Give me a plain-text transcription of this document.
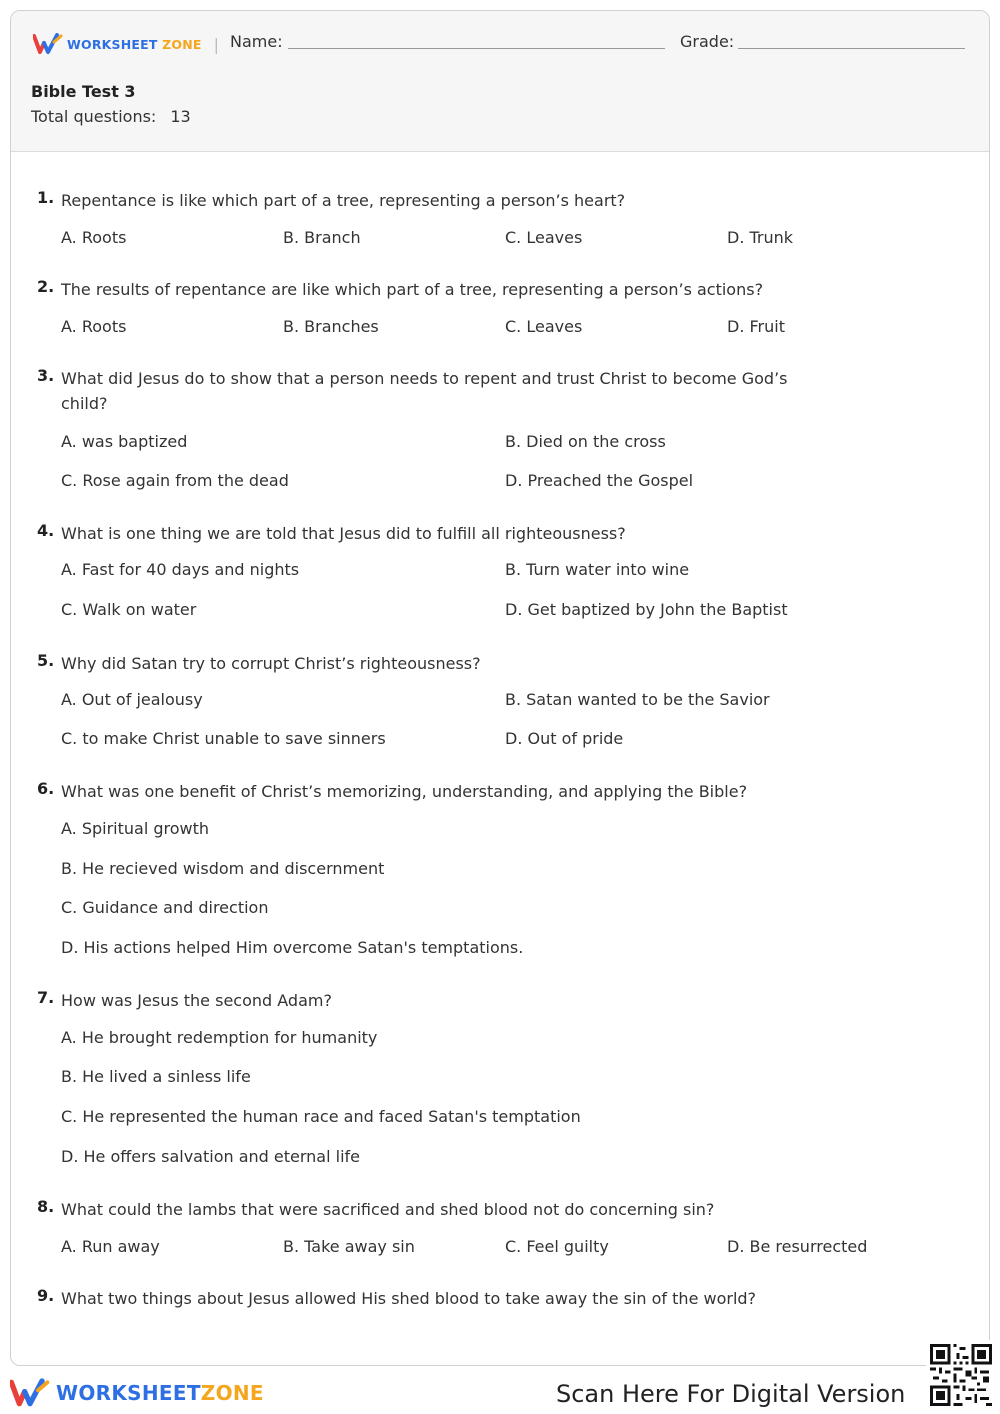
WORKSHEET ZONE | Name:	Grade:
Bible Test 3
Total questions: 13
1. Repentance is like which part of a tree, representing a person’s heart?
A. Roots	B. Branch	C. Leaves	D. Trunk
2. The results of repentance are like which part of a tree, representing a person’s actions?
A. Roots	B. Branches	C. Leaves	D. Fruit
3. What did Jesus do to show that a person needs to repent and trust Christ to become God’s child?
A. was baptized	B. Died on the cross
C. Rose again from the dead	D. Preached the Gospel
4. What is one thing we are told that Jesus did to fulfill all righteousness?
A. Fast for 40 days and nights	B. Turn water into wine
C. Walk on water	D. Get baptized by John the Baptist
5. Why did Satan try to corrupt Christ’s righteousness?
A. Out of jealousy	B. Satan wanted to be the Savior
C. to make Christ unable to save sinners	D. Out of pride
6. What was one benefit of Christ’s memorizing, understanding, and applying the Bible?
A. Spiritual growth
B. He recieved wisdom and discernment
C. Guidance and direction
D. His actions helped Him overcome Satan's temptations.
7. How was Jesus the second Adam?
A. He brought redemption for humanity
B. He lived a sinless life
C. He represented the human race and faced Satan's temptation
D. He offers salvation and eternal life
8. What could the lambs that were sacrificed and shed blood not do concerning sin?
A. Run away	B. Take away sin	C. Feel guilty	D. Be resurrected
9. What two things about Jesus allowed His shed blood to take away the sin of the world?
WORKSHEETZONE	Scan Here For Digital Version
